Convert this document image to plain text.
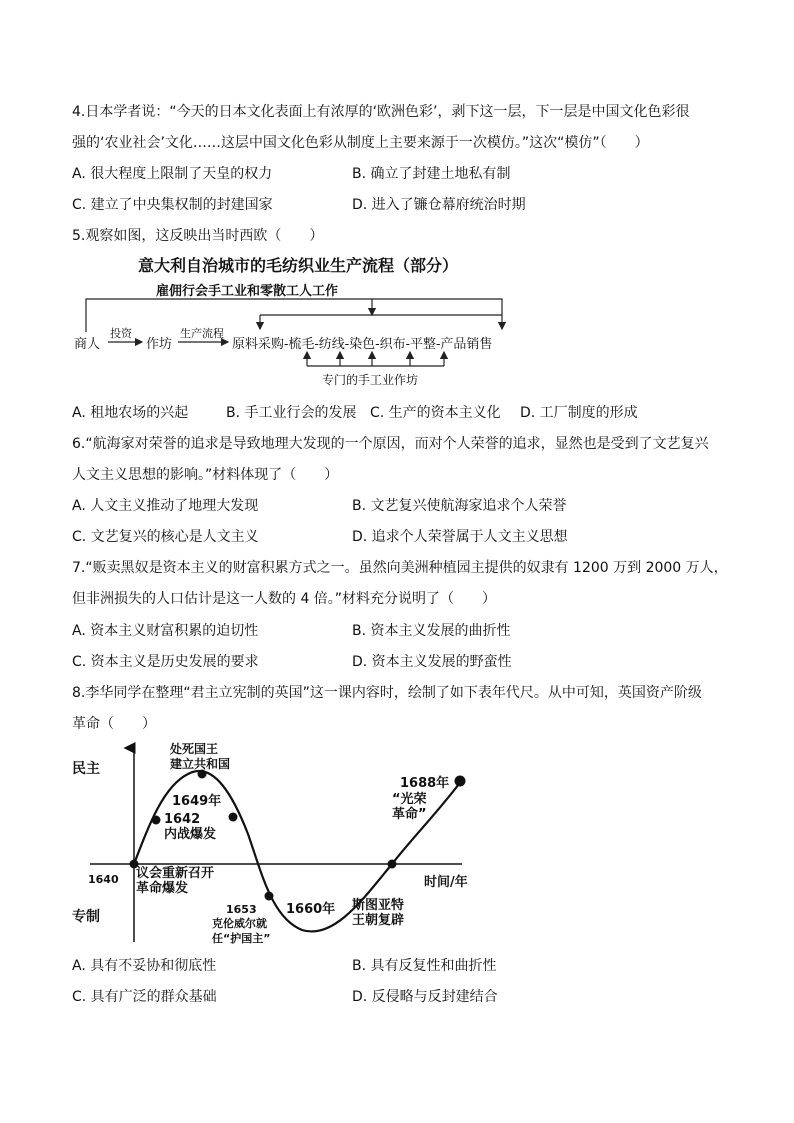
4.日本学者说：“今天的日本文化表面上有浓厚的‘欧洲色彩’，剥下这一层，下一层是中国文化色彩很
强的‘农业社会’文化……这层中国文化色彩从制度上主要来源于一次模仿。”这次“模仿”（　　）
A. 很大程度上限制了天皇的权力	B. 确立了封建土地私有制
C. 建立了中央集权制的封建国家	D. 进入了镰仓幕府统治时期
5.观察如图，这反映出当时西欧（　　）
意大利自治城市的毛纺织业生产流程（部分）
雇佣行会手工业和零散工人工作
商人
投资
作坊
生产流程
原料采购-梳毛-纺线-染色-织布-平整-产品销售
专门的手工业作坊
A. 租地农场的兴起	B. 手工业行会的发展 C. 生产的资本主义化 D. 工厂制度的形成
6.“航海家对荣誉的追求是导致地理大发现的一个原因，而对个人荣誉的追求，显然也是受到了文艺复兴
人文主义思想的影响。”材料体现了（　　）
A. 人文主义推动了地理大发现	B. 文艺复兴使航海家追求个人荣誉
C. 文艺复兴的核心是人文主义	D. 追求个人荣誉属于人文主义思想
7.“贩卖黑奴是资本主义的财富积累方式之一。虽然向美洲种植园主提供的奴隶有 1200 万到 2000 万人，
但非洲损失的人口估计是这一人数的 4 倍。”材料充分说明了（　　）
A. 资本主义财富积累的迫切性	B. 资本主义发展的曲折性
C. 资本主义是历史发展的要求	D. 资本主义发展的野蛮性
8.李华同学在整理“君主立宪制的英国”这一课内容时，绘制了如下表年代尺。从中可知，英国资产阶级
革命（　　）
民主
专制
时间/年
1640 议会重新召开
革命爆发
1642
内战爆发
处死国王
建立共和国
1649年
1653
克伦威尔就
任“护国主”
1660年 斯图亚特
王朝复辟
1688年
“光荣
革命”
A. 具有不妥协和彻底性	B. 具有反复性和曲折性
C. 具有广泛的群众基础	D. 反侵略与反封建结合
